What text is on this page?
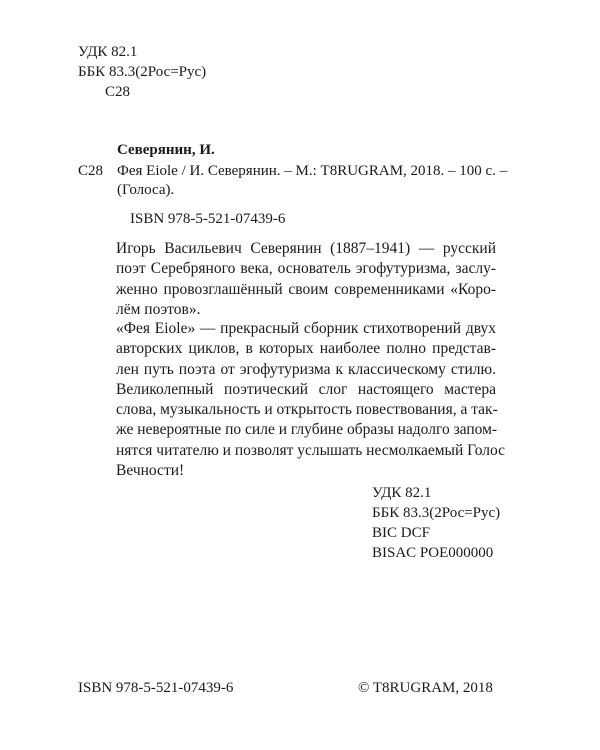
УДК 82.1
ББК 83.3(2Рос=Рус)
С28
Северянин, И.
С28 Фея Eiole / И. Северянин. – М.: T8RUGRAM, 2018. – 100 с. –
(Голоса).
ISBN 978-5-521-07439-6
Игорь Васильевич Северянин (1887–1941) — русский
поэт Серебряного века, основатель эгофутуризма, заслу-
женно провозглашённый своим современниками «Коро-
лём поэтов».
«Фея Eiole» — прекрасный сборник стихотворений двух
авторских циклов, в которых наиболее полно представ-
лен путь поэта от эгофутуризма к классическому стилю.
Великолепный поэтический слог настоящего мастера
слова, музыкальность и открытость повествования, а так-
же невероятные по силе и глубине образы надолго запом-
нятся читателю и позволят услышать несмолкаемый Голос
Вечности!
УДК 82.1
ББК 83.3(2Рос=Рус)
BIC DCF
BISAC POE000000
ISBN 978-5-521-07439-6	© T8RUGRAM, 2018
